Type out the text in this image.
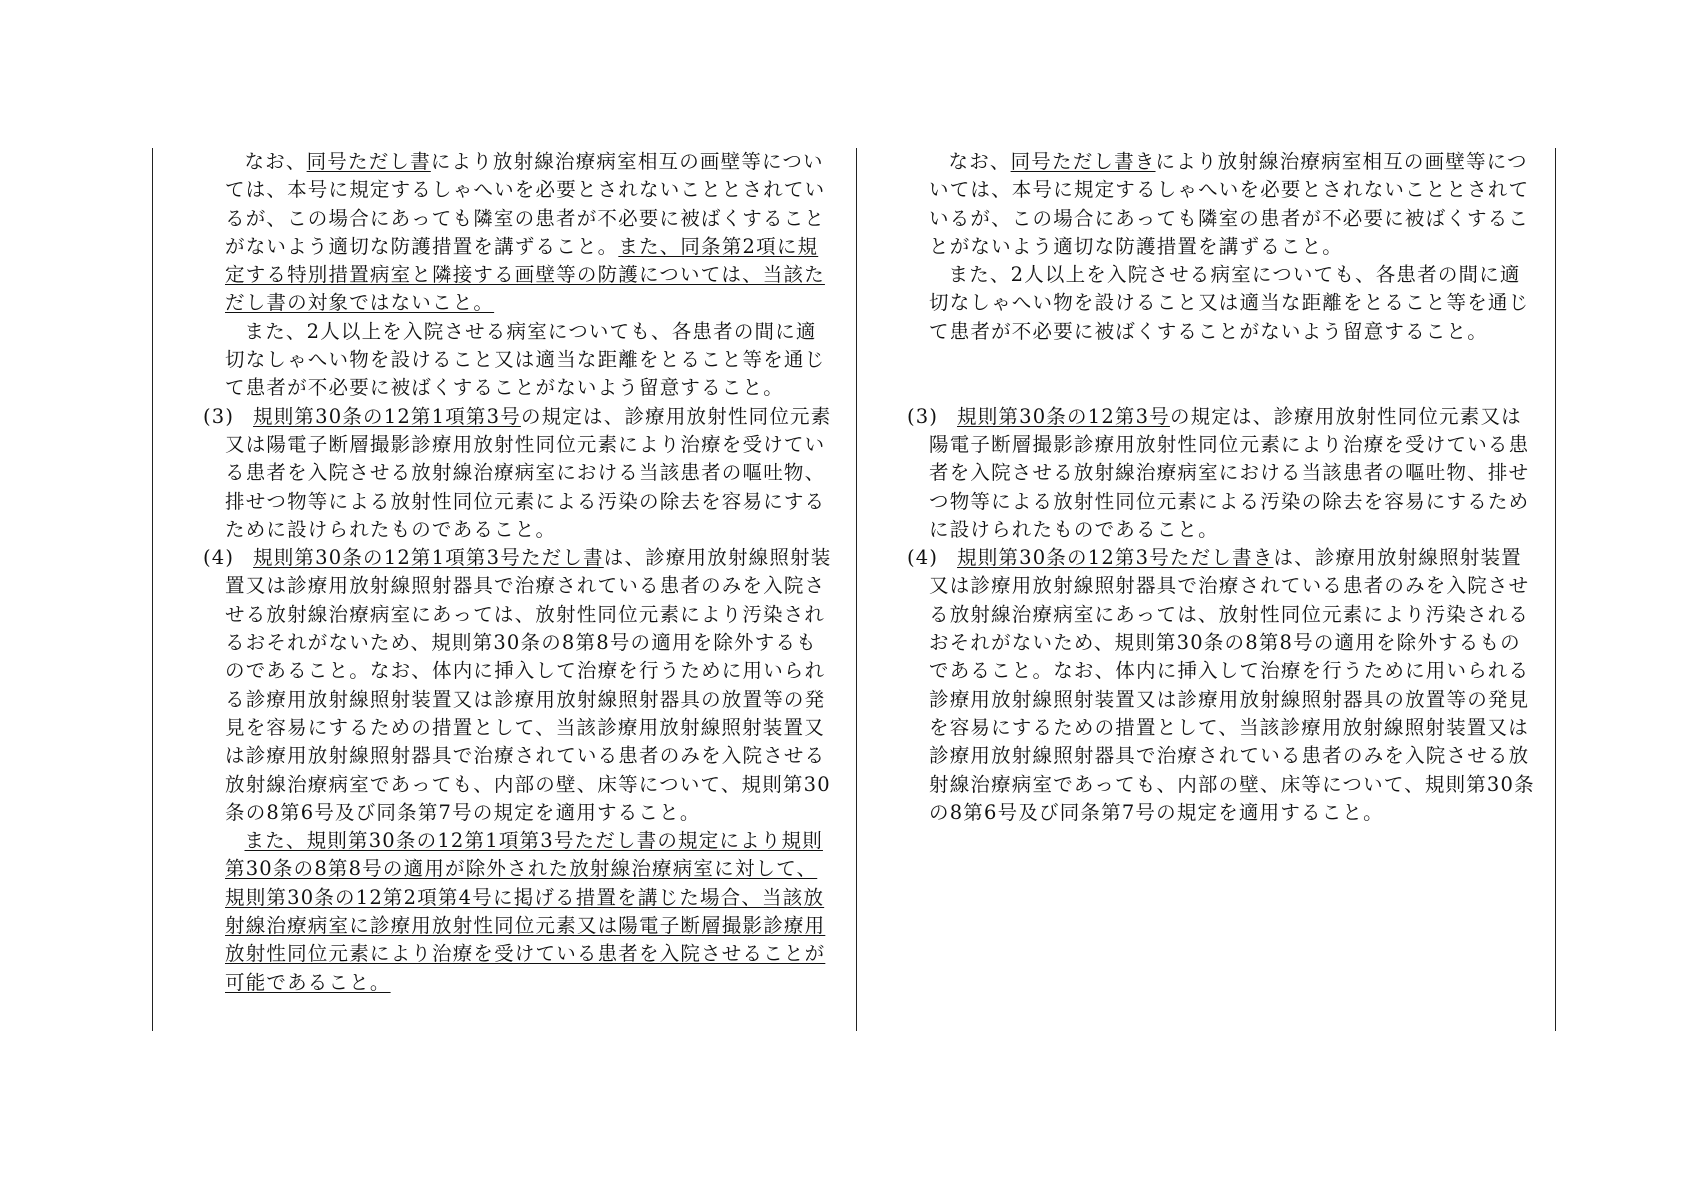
なお、同号ただし書により放射線治療病室相互の画壁等については、本号に規定するしゃへいを必要とされないこととされているが、この場合にあっても隣室の患者が不必要に被ばくすることがないよう適切な防護措置を講ずること。また、同条第2項に規定する特別措置病室と隣接する画壁等の防護については、当該ただし書の対象ではないこと。

また、2人以上を入院させる病室についても、各患者の間に適切なしゃへい物を設けること又は適当な距離をとること等を通じて患者が不必要に被ばくすることがないよう留意すること。

(3) 規則第30条の12第1項第3号の規定は、診療用放射性同位元素又は陽電子断層撮影診療用放射性同位元素により治療を受けている患者を入院させる放射線治療病室における当該患者の嘔吐物、排せつ物等による放射性同位元素による汚染の除去を容易にするために設けられたものであること。
(4) 規則第30条の12第1項第3号ただし書は、診療用放射線照射装置又は診療用放射線照射器具で治療されている患者のみを入院させる放射線治療病室にあっては、放射性同位元素により汚染されるおそれがないため、規則第30条の8第8号の適用を除外するものであること。なお、体内に挿入して治療を行うために用いられる診療用放射線照射装置又は診療用放射線照射器具の放置等の発見を容易にするための措置として、当該診療用放射線照射装置又は診療用放射線照射器具で治療されている患者のみを入院させる放射線治療病室であっても、内部の壁、床等について、規則第30条の8第6号及び同条第7号の規定を適用すること。

また、規則第30条の12第1項第3号ただし書の規定により規則第30条の8第8号の適用が除外された放射線治療病室に対して、規則第30条の12第2項第4号に掲げる措置を講じた場合、当該放射線治療病室に診療用放射性同位元素又は陽電子断層撮影診療用放射性同位元素により治療を受けている患者を入院させることが可能であること。

なお、同号ただし書きにより放射線治療病室相互の画壁等については、本号に規定するしゃへいを必要とされないこととされているが、この場合にあっても隣室の患者が不必要に被ばくすることがないよう適切な防護措置を講ずること。

また、2人以上を入院させる病室についても、各患者の間に適切なしゃへい物を設けること又は適当な距離をとること等を通じて患者が不必要に被ばくすることがないよう留意すること。

(3) 規則第30条の12第3号の規定は、診療用放射性同位元素又は陽電子断層撮影診療用放射性同位元素により治療を受けている患者を入院させる放射線治療病室における当該患者の嘔吐物、排せつ物等による放射性同位元素による汚染の除去を容易にするために設けられたものであること。
(4) 規則第30条の12第3号ただし書きは、診療用放射線照射装置又は診療用放射線照射器具で治療されている患者のみを入院させる放射線治療病室にあっては、放射性同位元素により汚染されるおそれがないため、規則第30条の8第8号の適用を除外するものであること。なお、体内に挿入して治療を行うために用いられる診療用放射線照射装置又は診療用放射線照射器具の放置等の発見を容易にするための措置として、当該診療用放射線照射装置又は診療用放射線照射器具で治療されている患者のみを入院させる放射線治療病室であっても、内部の壁、床等について、規則第30条の8第6号及び同条第7号の規定を適用すること。
